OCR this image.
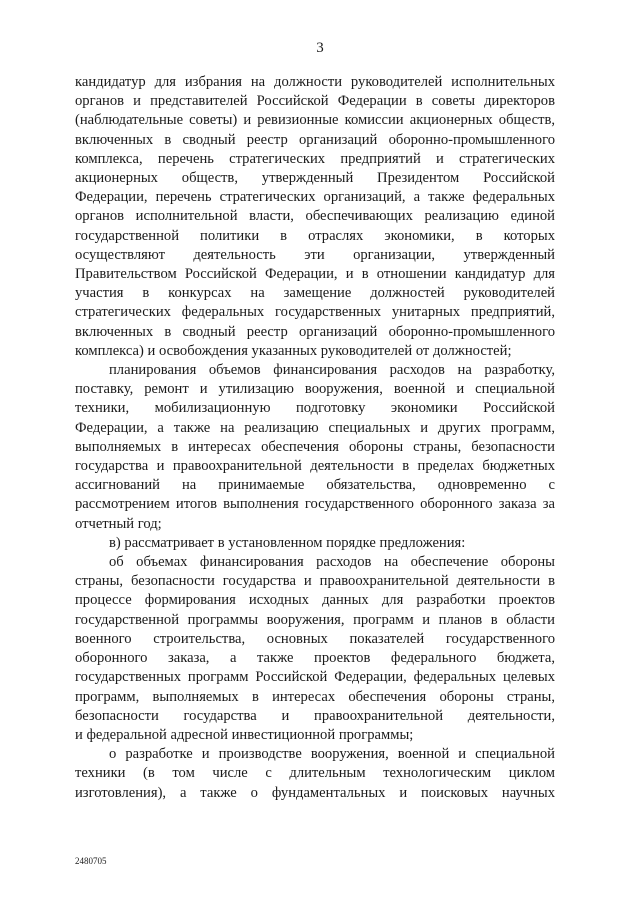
3
кандидатур для избрания на должности руководителей исполнительных
органов и представителей Российской Федерации в советы директоров
(наблюдательные советы) и ревизионные комиссии акционерных обществ,
включенных в сводный реестр организаций оборонно-промышленного
комплекса, перечень стратегических предприятий и стратегических
акционерных обществ, утвержденный Президентом Российской
Федерации, перечень стратегических организаций, а также федеральных
органов исполнительной власти, обеспечивающих реализацию единой
государственной политики в отраслях экономики, в которых
осуществляют деятельность эти организации, утвержденный
Правительством Российской Федерации, и в отношении кандидатур для
участия в конкурсах на замещение должностей руководителей
стратегических федеральных государственных унитарных предприятий,
включенных в сводный реестр организаций оборонно-промышленного
комплекса) и освобождения указанных руководителей от должностей;
планирования объемов финансирования расходов на разработку,
поставку, ремонт и утилизацию вооружения, военной и специальной
техники, мобилизационную подготовку экономики Российской
Федерации, а также на реализацию специальных и других программ,
выполняемых в интересах обеспечения обороны страны, безопасности
государства и правоохранительной деятельности в пределах бюджетных
ассигнований на принимаемые обязательства, одновременно с
рассмотрением итогов выполнения государственного оборонного заказа за
отчетный год;
в) рассматривает в установленном порядке предложения:
об объемах финансирования расходов на обеспечение обороны
страны, безопасности государства и правоохранительной деятельности в
процессе формирования исходных данных для разработки проектов
государственной программы вооружения, программ и планов в области
военного строительства, основных показателей государственного
оборонного заказа, а также проектов федерального бюджета,
государственных программ Российской Федерации, федеральных целевых
программ, выполняемых в интересах обеспечения обороны страны,
безопасности государства и правоохранительной деятельности,
и федеральной адресной инвестиционной программы;
о разработке и производстве вооружения, военной и специальной
техники (в том числе с длительным технологическим циклом
изготовления), а также о фундаментальных и поисковых научных
2480705
